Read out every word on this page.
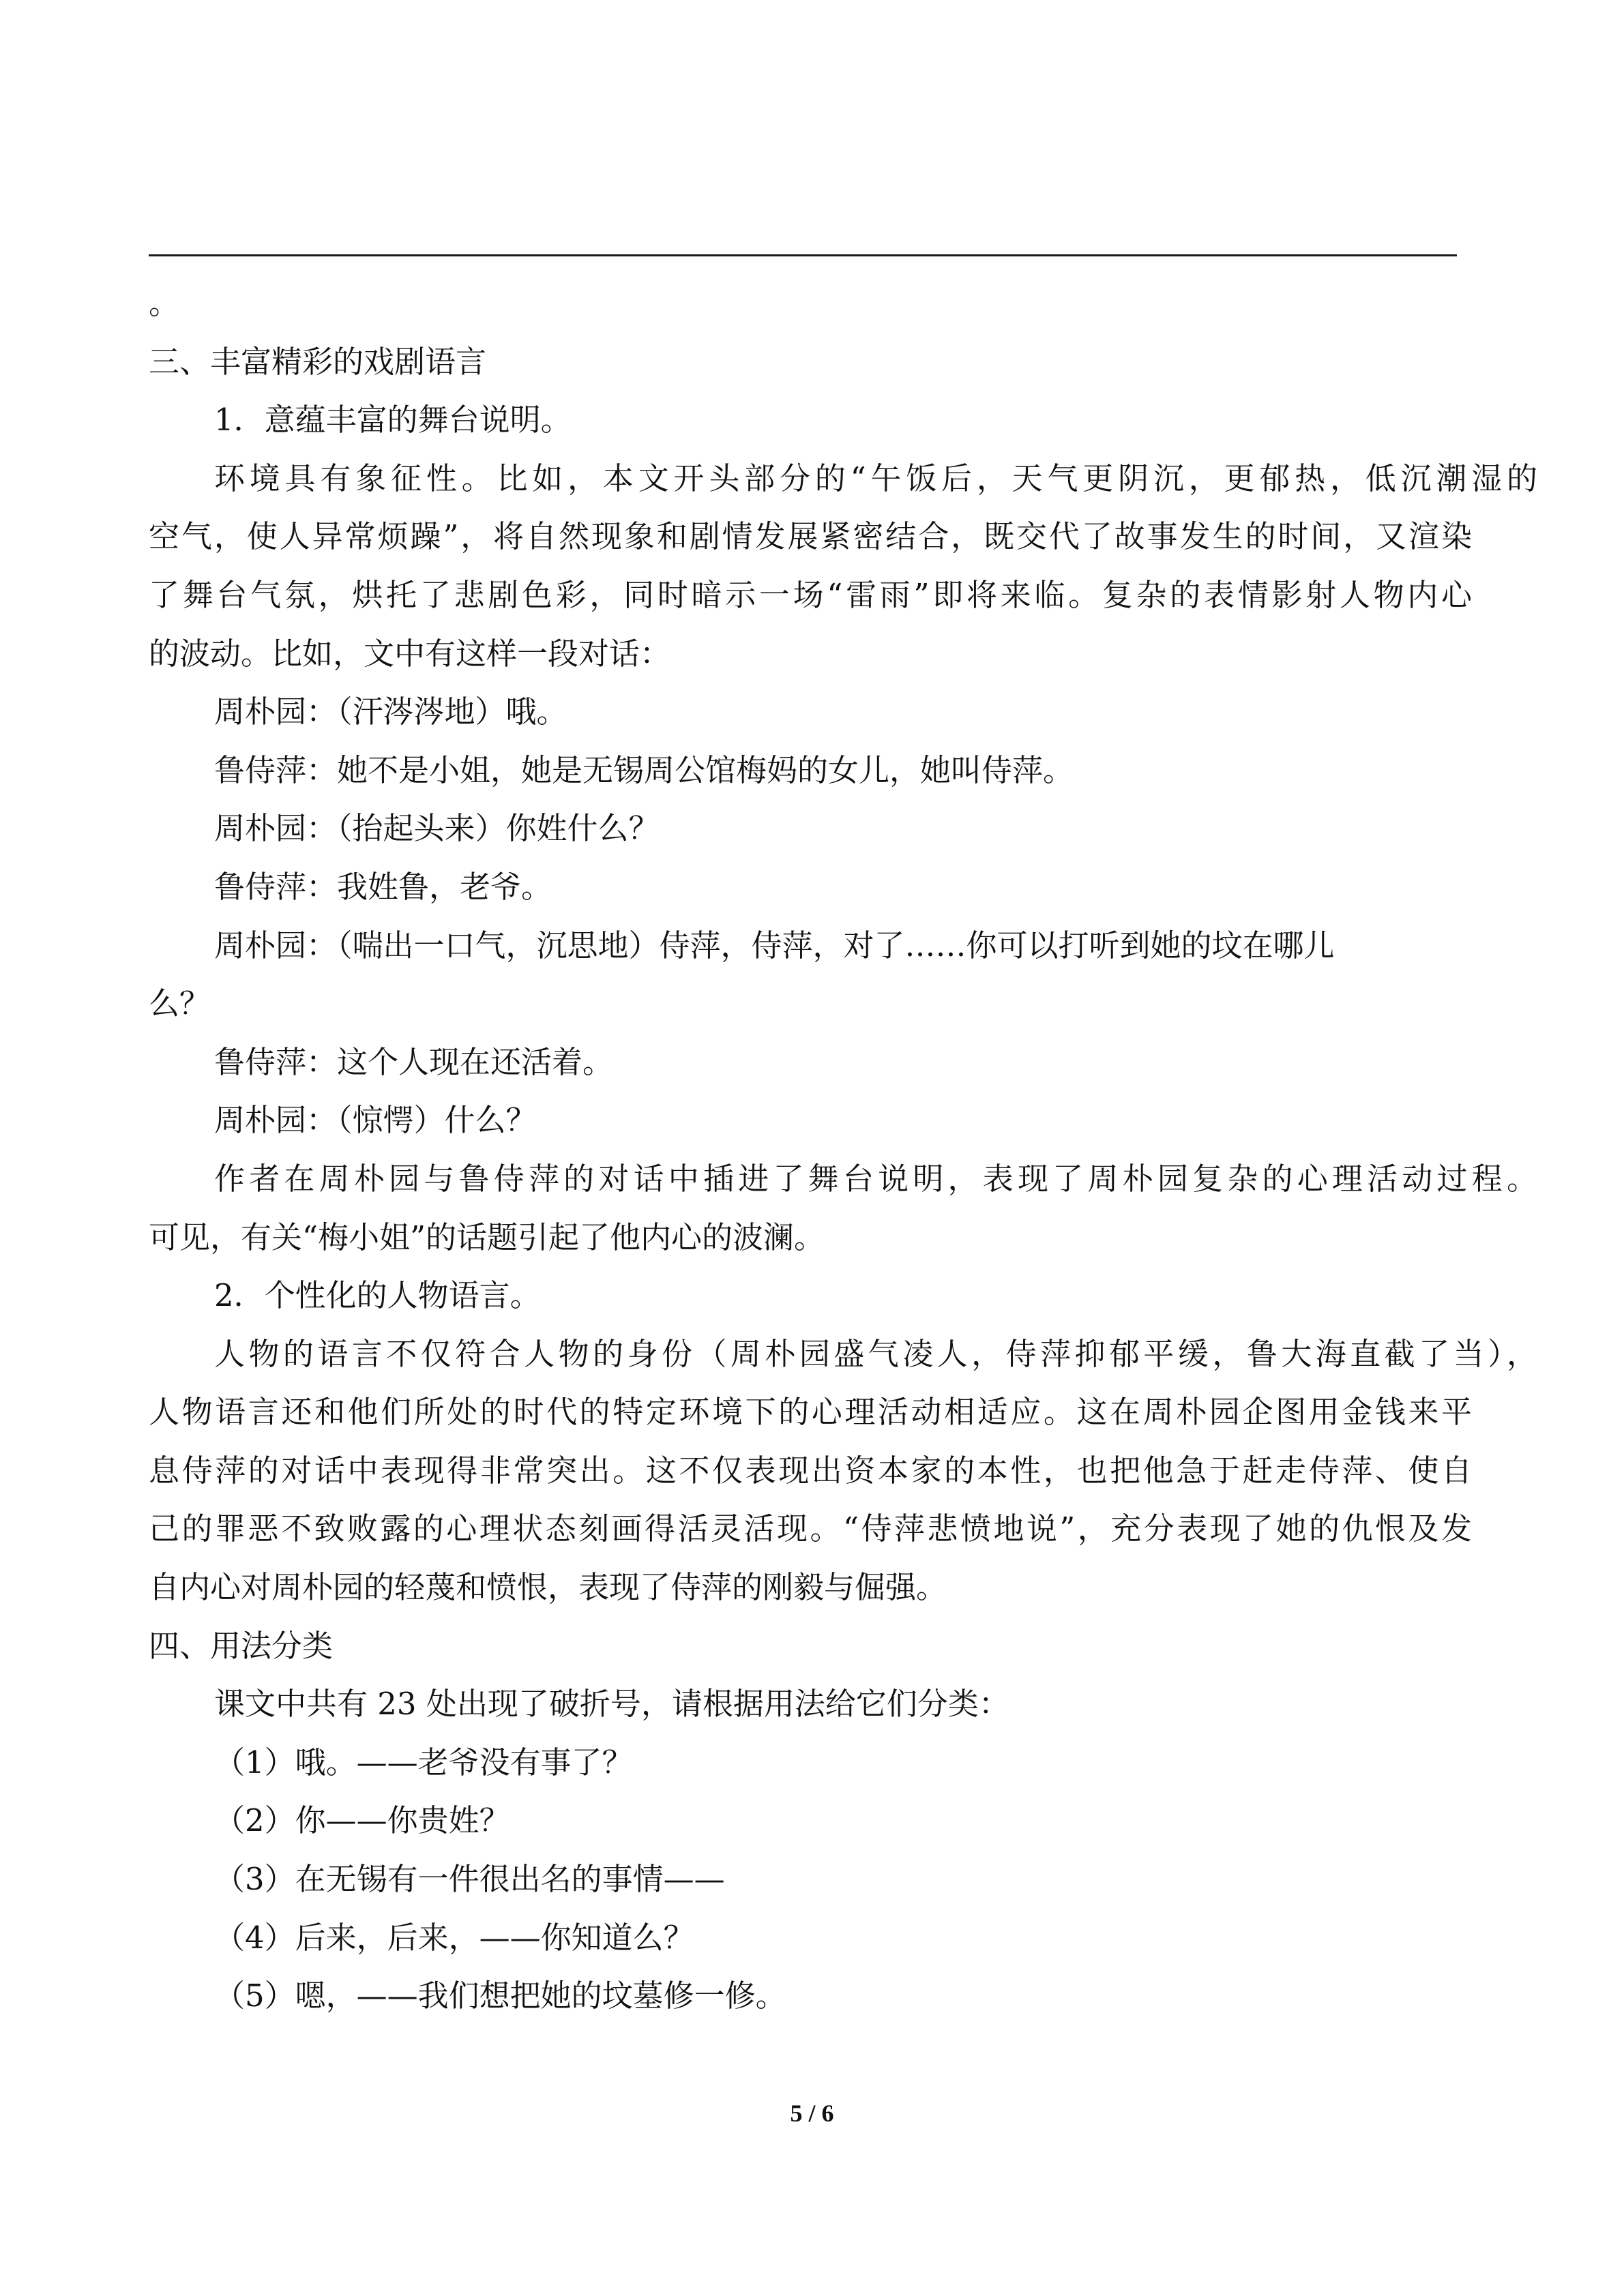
。
三、丰富精彩的戏剧语言
1．意蕴丰富的舞台说明。
环境具有象征性。比如，本文开头部分的“午饭后，天气更阴沉，更郁热，低沉潮湿的
空气，使人异常烦躁”，将自然现象和剧情发展紧密结合，既交代了故事发生的时间，又渲染
了舞台气氛，烘托了悲剧色彩，同时暗示一场“雷雨”即将来临。复杂的表情影射人物内心
的波动。比如，文中有这样一段对话：
周朴园：（汗涔涔地）哦。
鲁侍萍：她不是小姐，她是无锡周公馆梅妈的女儿，她叫侍萍。
周朴园：（抬起头来）你姓什么？
鲁侍萍：我姓鲁，老爷。
周朴园：（喘出一口气，沉思地）侍萍，侍萍，对了……你可以打听到她的坟在哪儿
么？
鲁侍萍：这个人现在还活着。
周朴园：（惊愕）什么？
作者在周朴园与鲁侍萍的对话中插进了舞台说明，表现了周朴园复杂的心理活动过程。
可见，有关“梅小姐”的话题引起了他内心的波澜。
2．个性化的人物语言。
人物的语言不仅符合人物的身份（周朴园盛气凌人，侍萍抑郁平缓，鲁大海直截了当），
人物语言还和他们所处的时代的特定环境下的心理活动相适应。这在周朴园企图用金钱来平
息侍萍的对话中表现得非常突出。这不仅表现出资本家的本性，也把他急于赶走侍萍、使自
己的罪恶不致败露的心理状态刻画得活灵活现。“侍萍悲愤地说”，充分表现了她的仇恨及发
自内心对周朴园的轻蔑和愤恨，表现了侍萍的刚毅与倔强。
四、用法分类
课文中共有 23 处出现了破折号，请根据用法给它们分类：
（1）哦。——老爷没有事了？
（2）你——你贵姓？
（3）在无锡有一件很出名的事情——
（4）后来，后来，——你知道么？
（5）嗯，——我们想把她的坟墓修一修。
5 / 6
